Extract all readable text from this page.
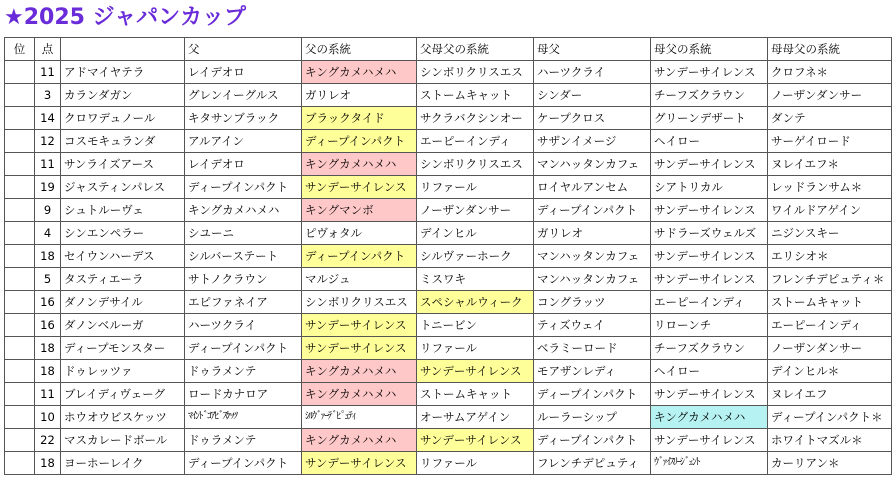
★2025 ジャパンカップ
位	点		父	父の系統	父母父の系統	母父	母父の系統	母母父の系統
	11	アドマイヤテラ	レイデオロ	キングカメハメハ	シンボリクリスエス	ハーツクライ	サンデーサイレンス	クロフネ＊
	3	カランダガン	グレンイーグルス	ガリレオ	ストームキャット	シンダー	チーフズクラウン	ノーザンダンサー
	14	クロワデュノール	キタサンブラック	ブラックタイド	サクラバクシンオー	ケープクロス	グリーンデザート	ダンテ
	12	コスモキュランダ	アルアイン	ディープインパクト	エーピーインディ	サザンイメージ	ヘイロー	サーゲイロード
	11	サンライズアース	レイデオロ	キングカメハメハ	シンボリクリスエス	マンハッタンカフェ	サンデーサイレンス	ヌレイエフ＊
	19	ジャスティンパレス	ディープインパクト	サンデーサイレンス	リファール	ロイヤルアンセム	シアトリカル	レッドランサム＊
	9	シュトルーヴェ	キングカメハメハ	キングマンボ	ノーザンダンサー	ディープインパクト	サンデーサイレンス	ワイルドアゲイン
	4	シンエンペラー	シユーニ	ピヴォタル	デインヒル	ガリレオ	サドラーズウェルズ	ニジンスキー
	18	セイウンハーデス	シルバーステート	ディープインパクト	シルヴァーホーク	マンハッタンカフェ	サンデーサイレンス	エリシオ＊
	5	タスティエーラ	サトノクラウン	マルジュ	ミスワキ	マンハッタンカフェ	サンデーサイレンス	フレンチデピュティ＊
	16	ダノンデサイル	エピファネイア	シンボリクリスエス	スペシャルウィーク	コングラッツ	エーピーインディ	ストームキャット
	16	ダノンベルーガ	ハーツクライ	サンデーサイレンス	トニービン	ティズウェイ	リローンチ	エーピーインディ
	18	ディープモンスター	ディープインパクト	サンデーサイレンス	リファール	ベラミーロード	チーフズクラウン	ノーザンダンサー
	18	ドゥレッツァ	ドゥラメンテ	キングカメハメハ	サンデーサイレンス	モアザンレディ	ヘイロー	デインヒル＊
	11	ブレイディヴェーグ	ロードカナロア	キングカメハメハ	ストームキャット	ディープインパクト	サンデーサイレンス	ヌレイエフ
	10	ホウオウビスケッツ	ﾏｲﾝﾄﾞｺｱﾋﾞｽｹｯﾂ	ｼﾙｳﾞｧｰﾃﾞﾋﾟｭﾃｨ	オーサムアゲイン	ルーラーシップ	キングカメハメハ	ディープインパクト＊
	22	マスカレードボール	ドゥラメンテ	キングカメハメハ	サンデーサイレンス	ディープインパクト	サンデーサイレンス	ホワイトマズル＊
	18	ヨーホーレイク	ディープインパクト	サンデーサイレンス	リファール	フレンチデピュティ	ｳﾞｧｲｽﾘｰｼﾞｪﾝﾄ	カーリアン＊
